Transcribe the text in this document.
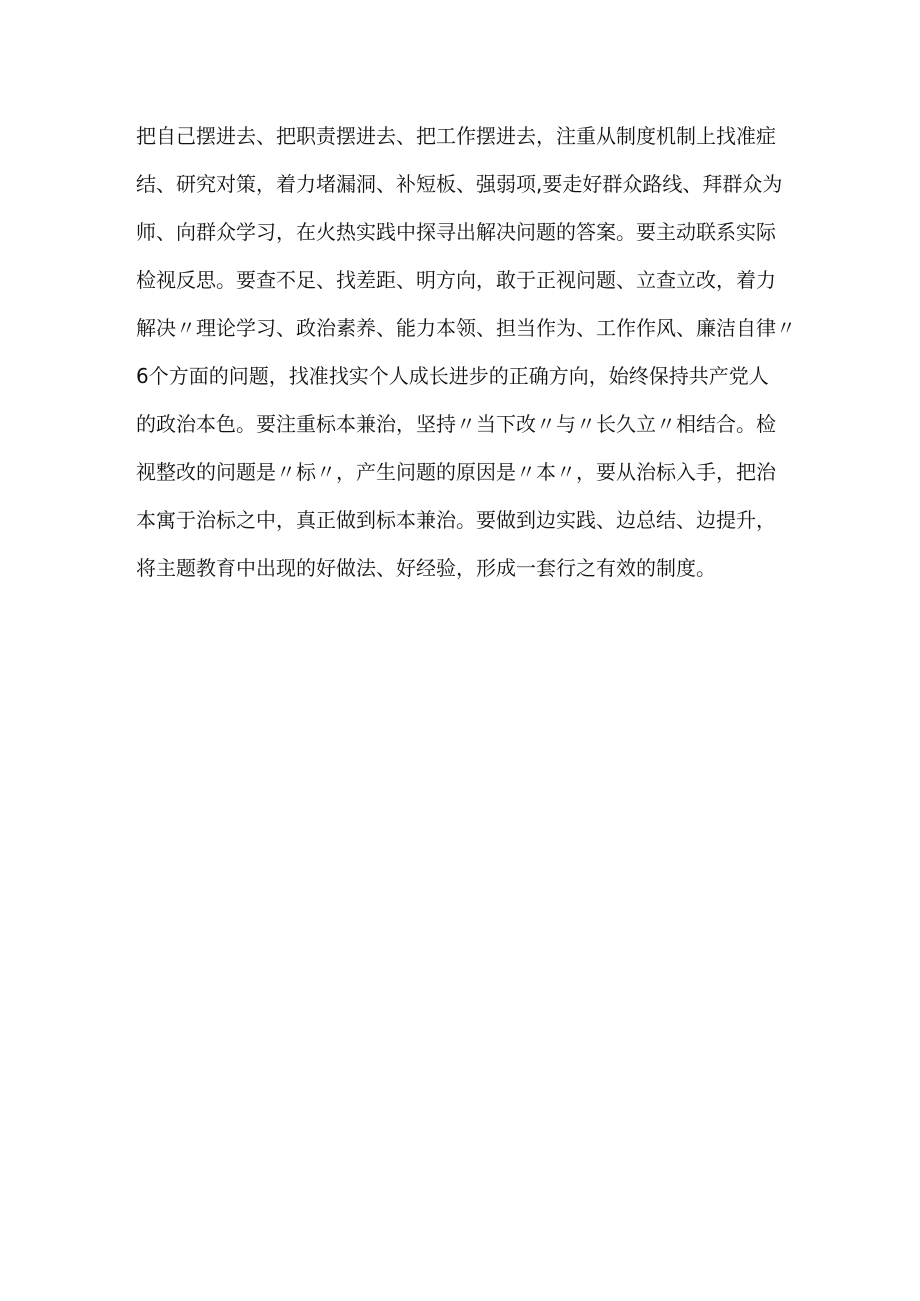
把自己摆进去、把职责摆进去、把工作摆进去，注重从制度机制上找准症
结、研究对策，着力堵漏洞、补短板、强弱项,要走好群众路线、拜群众为
师、向群众学习，在火热实践中探寻出解决问题的答案。要主动联系实际
检视反思。要查不足、找差距、明方向，敢于正视问题、立查立改，着力
解决〃理论学习、政治素养、能力本领、担当作为、工作作风、廉洁自律〃
6个方面的问题，找准找实个人成长进步的正确方向，始终保持共产党人
的政治本色。要注重标本兼治，坚持〃当下改〃与〃长久立〃相结合。检
视整改的问题是〃标〃，产生问题的原因是〃本〃，要从治标入手，把治
本寓于治标之中，真正做到标本兼治。要做到边实践、边总结、边提升，
将主题教育中出现的好做法、好经验，形成一套行之有效的制度。
